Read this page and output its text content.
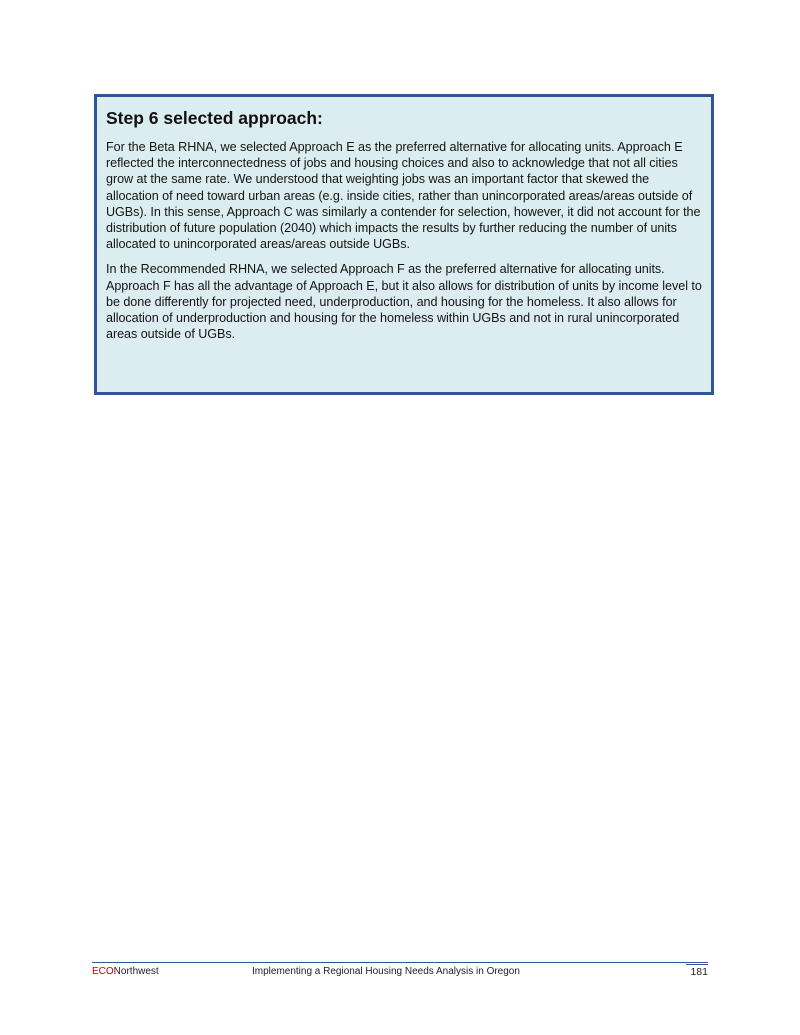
Step 6 selected approach:

For the Beta RHNA, we selected Approach E as the preferred alternative for allocating units. Approach E reflected the interconnectedness of jobs and housing choices and also to acknowledge that not all cities grow at the same rate. We understood that weighting jobs was an important factor that skewed the allocation of need toward urban areas (e.g. inside cities, rather than unincorporated areas/areas outside of UGBs). In this sense, Approach C was similarly a contender for selection, however, it did not account for the distribution of future population (2040) which impacts the results by further reducing the number of units allocated to unincorporated areas/areas outside UGBs.

In the Recommended RHNA, we selected Approach F as the preferred alternative for allocating units. Approach F has all the advantage of Approach E, but it also allows for distribution of units by income level to be done differently for projected need, underproduction, and housing for the homeless. It also allows for allocation of underproduction and housing for the homeless within UGBs and not in rural unincorporated areas outside of UGBs.

ECONorthwest	Implementing a Regional Housing Needs Analysis in Oregon	181
